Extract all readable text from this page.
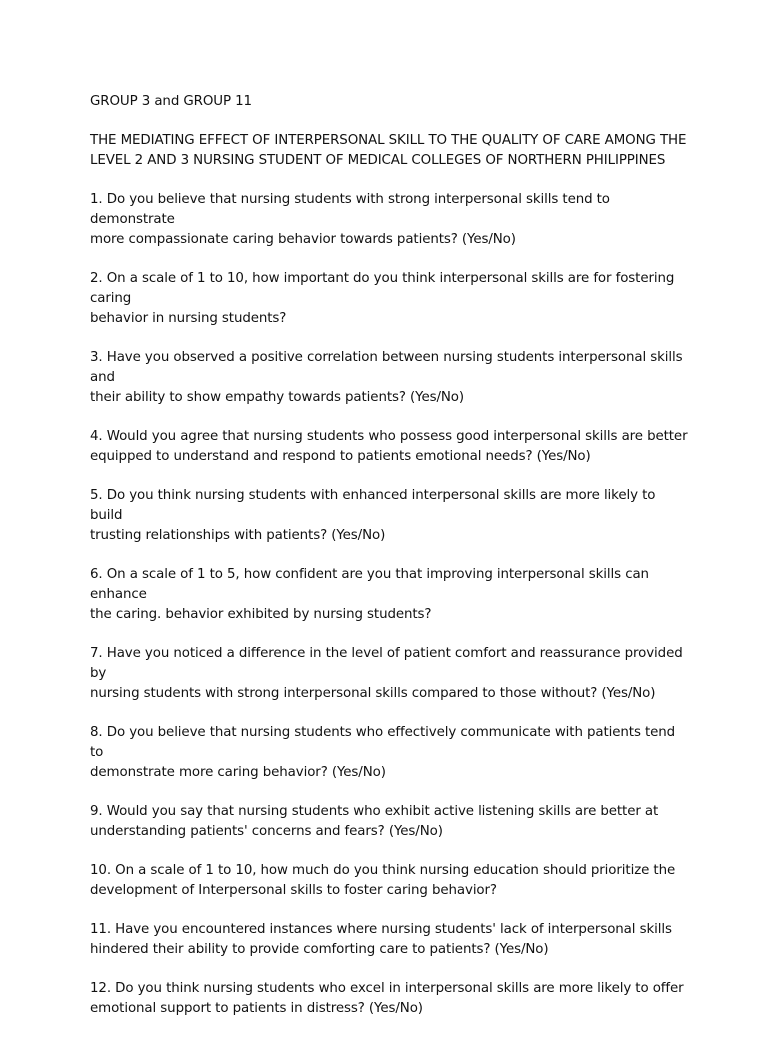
GROUP 3 and GROUP 11

THE MEDIATING EFFECT OF INTERPERSONAL SKILL TO THE QUALITY OF CARE AMONG THE
LEVEL 2 AND 3 NURSING STUDENT OF MEDICAL COLLEGES OF NORTHERN PHILIPPINES

1. Do you believe that nursing students with strong interpersonal skills tend to demonstrate
more compassionate caring behavior towards patients? (Yes/No)

2. On a scale of 1 to 10, how important do you think interpersonal skills are for fostering caring
behavior in nursing students?

3. Have you observed a positive correlation between nursing students interpersonal skills and
their ability to show empathy towards patients? (Yes/No)

4. Would you agree that nursing students who possess good interpersonal skills are better
equipped to understand and respond to patients emotional needs? (Yes/No)

5. Do you think nursing students with enhanced interpersonal skills are more likely to build
trusting relationships with patients? (Yes/No)

6. On a scale of 1 to 5, how confident are you that improving interpersonal skills can enhance
the caring. behavior exhibited by nursing students?

7. Have you noticed a difference in the level of patient comfort and reassurance provided by
nursing students with strong interpersonal skills compared to those without? (Yes/No)

8. Do you believe that nursing students who effectively communicate with patients tend to
demonstrate more caring behavior? (Yes/No)

9. Would you say that nursing students who exhibit active listening skills are better at
understanding patients' concerns and fears? (Yes/No)

10. On a scale of 1 to 10, how much do you think nursing education should prioritize the
development of Interpersonal skills to foster caring behavior?

11. Have you encountered instances where nursing students' lack of interpersonal skills
hindered their ability to provide comforting care to patients? (Yes/No)

12. Do you think nursing students who excel in interpersonal skills are more likely to offer
emotional support to patients in distress? (Yes/No)
